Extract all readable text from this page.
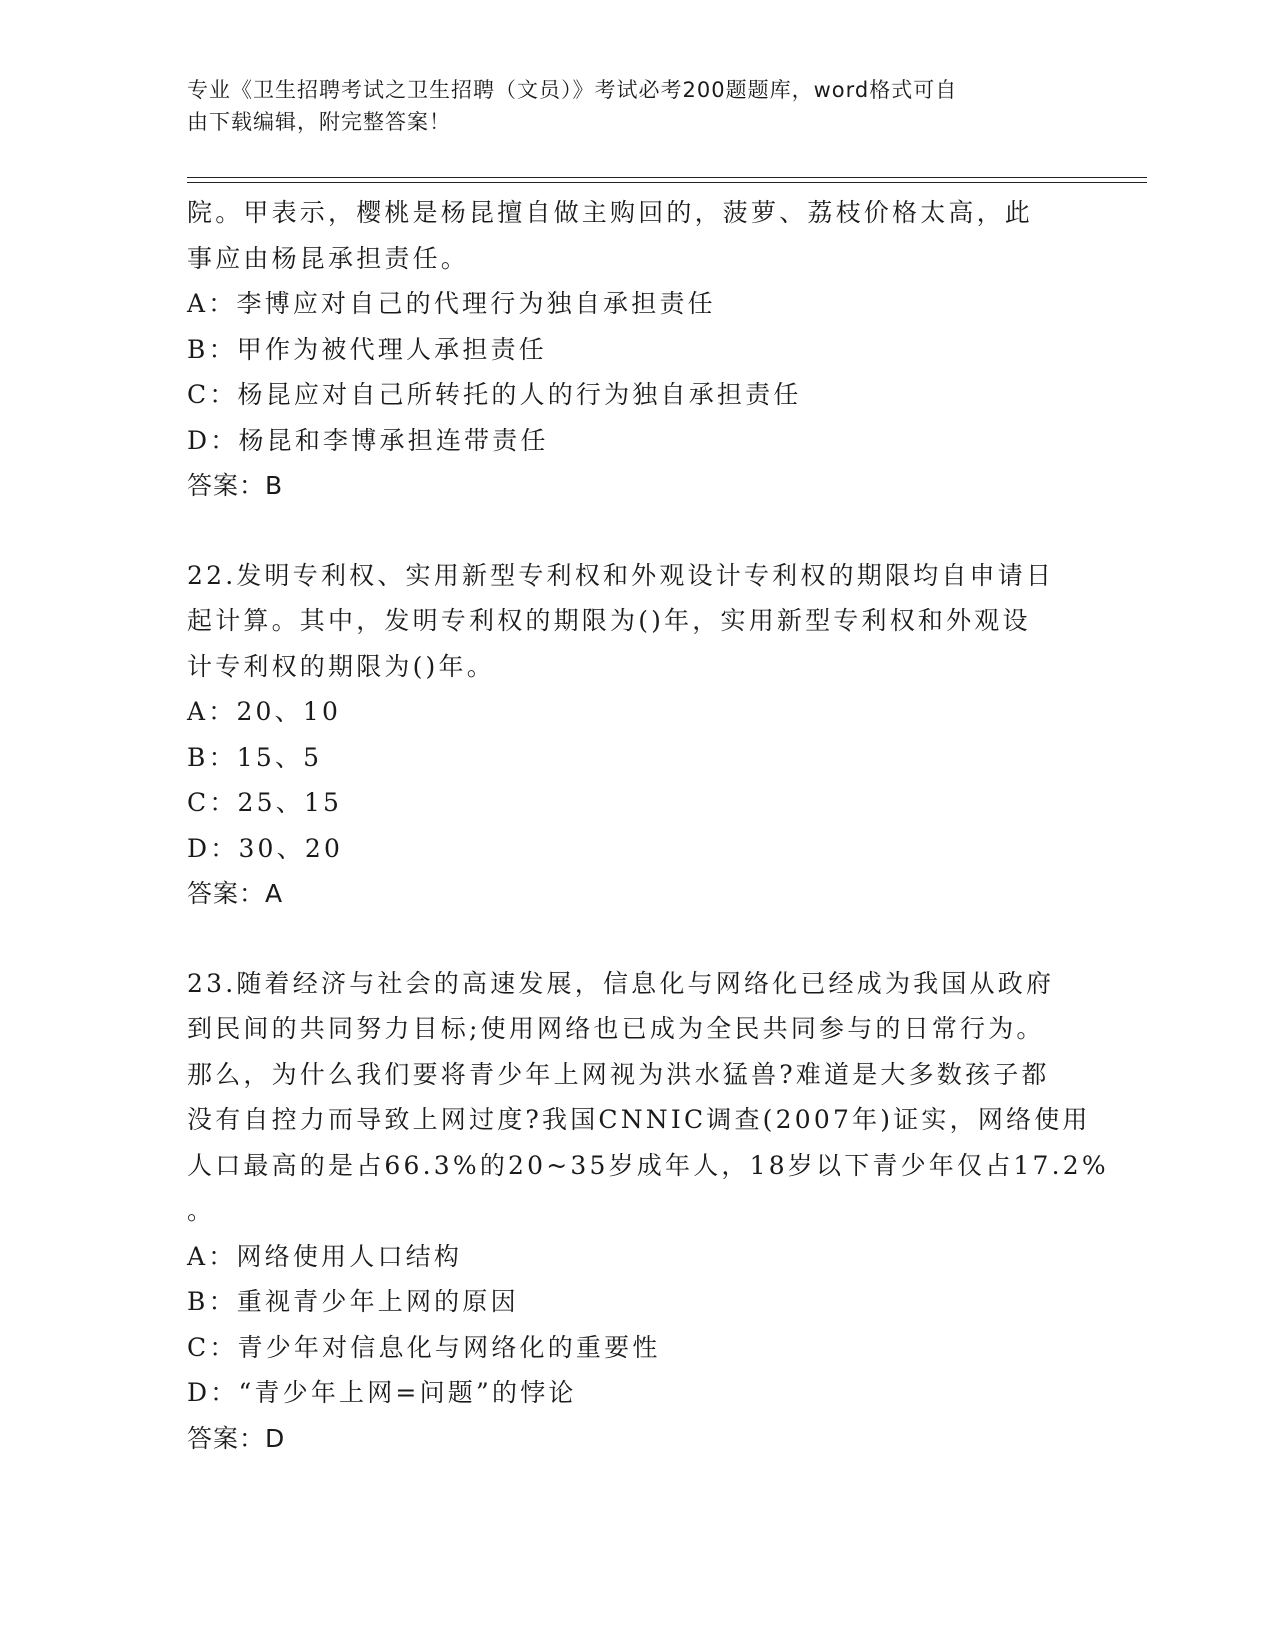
专业《卫生招聘考试之卫生招聘（文员）》考试必考200题题库，word格式可自
由下载编辑，附完整答案！
院。甲表示，樱桃是杨昆擅自做主购回的，菠萝、荔枝价格太高，此
事应由杨昆承担责任。
A：李博应对自己的代理行为独自承担责任
B：甲作为被代理人承担责任
C：杨昆应对自己所转托的人的行为独自承担责任
D：杨昆和李博承担连带责任
答案：B
22.发明专利权、实用新型专利权和外观设计专利权的期限均自申请日
起计算。其中，发明专利权的期限为()年，实用新型专利权和外观设
计专利权的期限为()年。
A：20、10
B：15、5
C：25、15
D：30、20
答案：A
23.随着经济与社会的高速发展，信息化与网络化已经成为我国从政府
到民间的共同努力目标;使用网络也已成为全民共同参与的日常行为。
那么，为什么我们要将青少年上网视为洪水猛兽?难道是大多数孩子都
没有自控力而导致上网过度?我国CNNIC调查(2007年)证实，网络使用
人口最高的是占66.3%的20~35岁成年人，18岁以下青少年仅占17.2%
。
A：网络使用人口结构
B：重视青少年上网的原因
C：青少年对信息化与网络化的重要性
D：“青少年上网=问题”的悖论
答案：D
